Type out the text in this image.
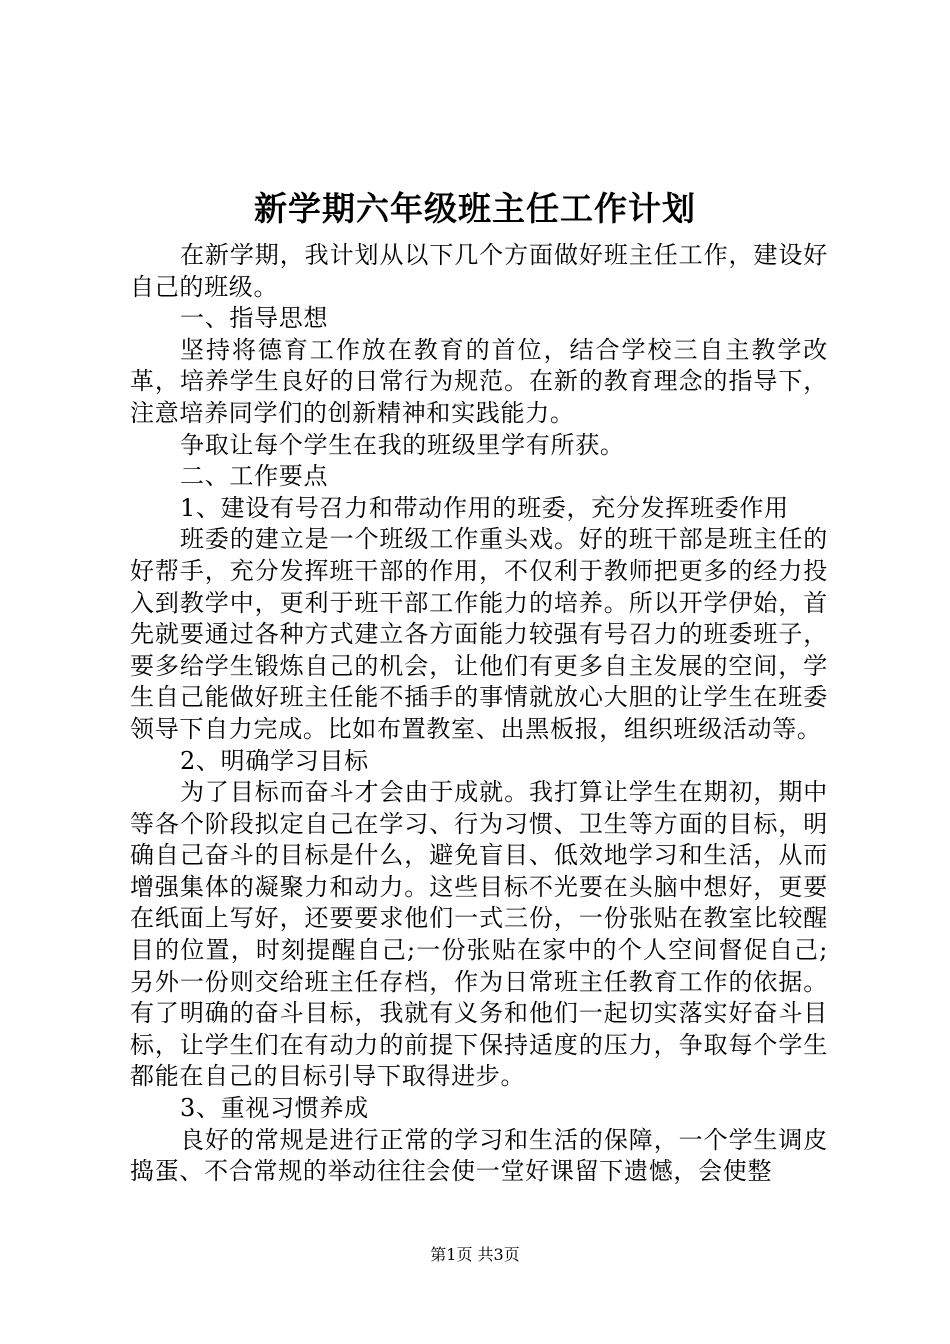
新学期六年级班主任工作计划

在新学期，我计划从以下几个方面做好班主任工作，建设好自己的班级。

一、指导思想

坚持将德育工作放在教育的首位，结合学校三自主教学改革，培养学生良好的日常行为规范。在新的教育理念的指导下，注意培养同学们的创新精神和实践能力。

争取让每个学生在我的班级里学有所获。

二、工作要点

1、建设有号召力和带动作用的班委，充分发挥班委作用

班委的建立是一个班级工作重头戏。好的班干部是班主任的好帮手，充分发挥班干部的作用，不仅利于教师把更多的经力投入到教学中，更利于班干部工作能力的培养。所以开学伊始，首先就要通过各种方式建立各方面能力较强有号召力的班委班子，要多给学生锻炼自己的机会，让他们有更多自主发展的空间，学生自己能做好班主任能不插手的事情就放心大胆的让学生在班委领导下自力完成。比如布置教室、出黑板报，组织班级活动等。

2、明确学习目标

为了目标而奋斗才会由于成就。我打算让学生在期初，期中等各个阶段拟定自己在学习、行为习惯、卫生等方面的目标，明确自己奋斗的目标是什么，避免盲目、低效地学习和生活，从而增强集体的凝聚力和动力。这些目标不光要在头脑中想好，更要在纸面上写好，还要要求他们一式三份，一份张贴在教室比较醒目的位置，时刻提醒自己;一份张贴在家中的个人空间督促自己;另外一份则交给班主任存档，作为日常班主任教育工作的依据。有了明确的奋斗目标，我就有义务和他们一起切实落实好奋斗目标，让学生们在有动力的前提下保持适度的压力，争取每个学生都能在自己的目标引导下取得进步。

3、重视习惯养成

良好的常规是进行正常的学习和生活的保障，一个学生调皮捣蛋、不合常规的举动往往会使一堂好课留下遗憾，会使整

第1页 共3页
